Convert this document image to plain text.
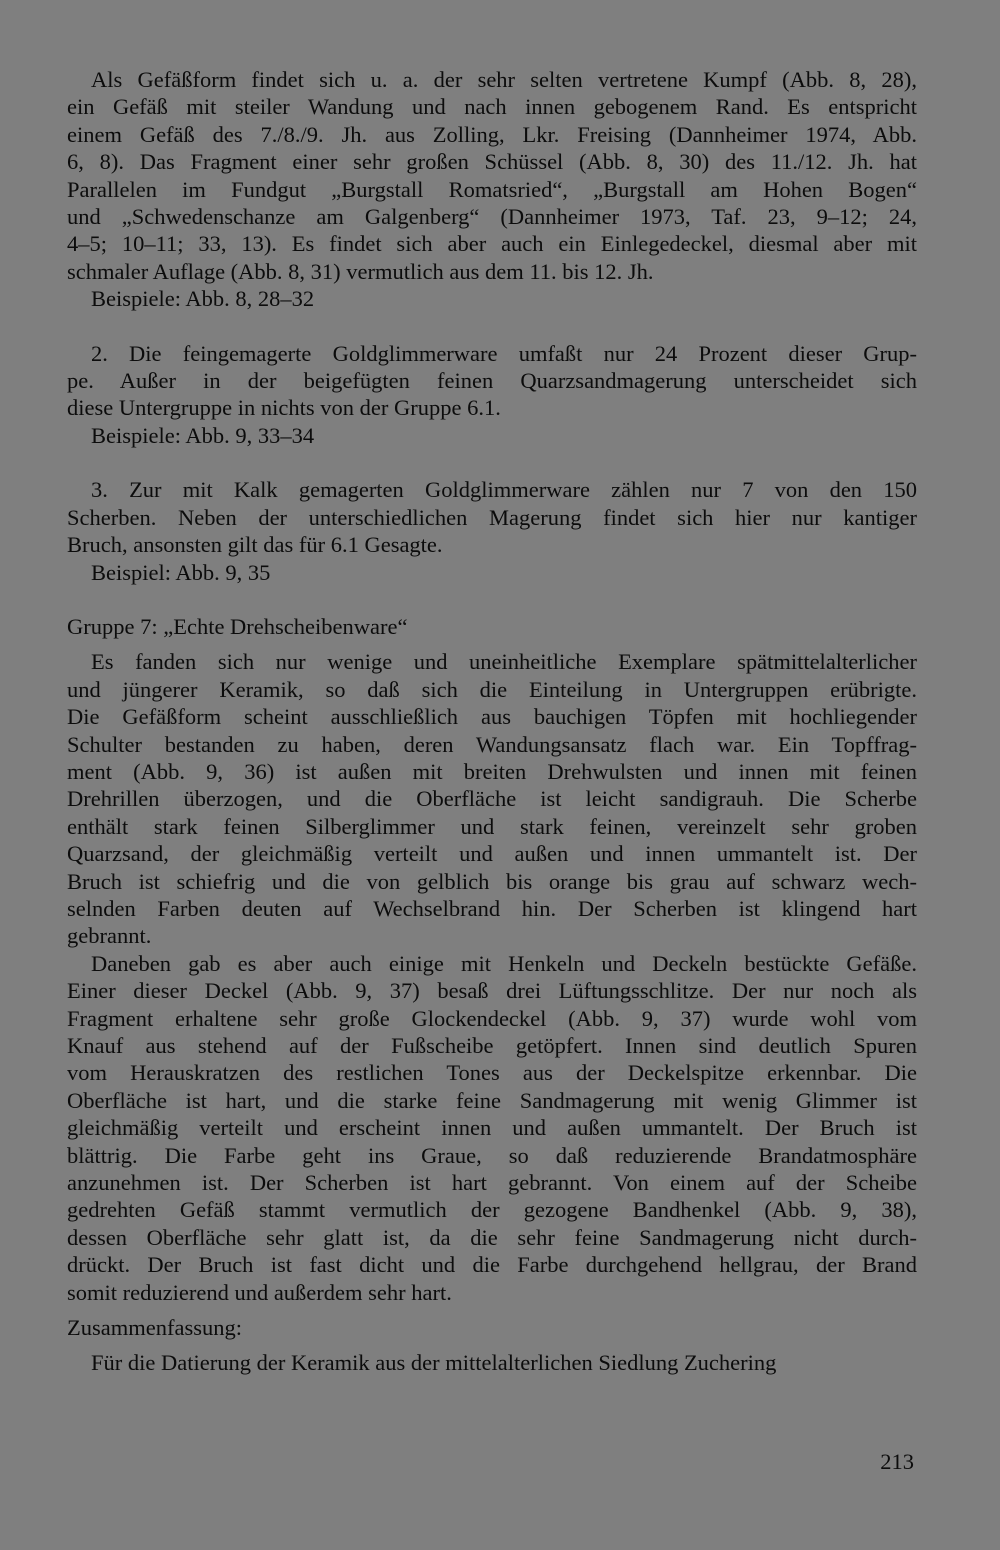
Als Gefäßform findet sich u. a. der sehr selten vertretene Kumpf (Abb. 8, 28),
ein Gefäß mit steiler Wandung und nach innen gebogenem Rand. Es entspricht
einem Gefäß des 7./8./9. Jh. aus Zolling, Lkr. Freising (Dannheimer 1974, Abb.
6, 8). Das Fragment einer sehr großen Schüssel (Abb. 8, 30) des 11./12. Jh. hat
Parallelen im Fundgut „Burgstall Romatsried“, „Burgstall am Hohen Bogen“
und „Schwedenschanze am Galgenberg“ (Dannheimer 1973, Taf. 23, 9–12; 24,
4–5; 10–11; 33, 13). Es findet sich aber auch ein Einlegedeckel, diesmal aber mit
schmaler Auflage (Abb. 8, 31) vermutlich aus dem 11. bis 12. Jh.

Beispiele: Abb. 8, 28–32

2. Die feingemagerte Goldglimmerware umfaßt nur 24 Prozent dieser Grup-
pe. Außer in der beigefügten feinen Quarzsandmagerung unterscheidet sich
diese Untergruppe in nichts von der Gruppe 6.1.

Beispiele: Abb. 9, 33–34

3. Zur mit Kalk gemagerten Goldglimmerware zählen nur 7 von den 150
Scherben. Neben der unterschiedlichen Magerung findet sich hier nur kantiger
Bruch, ansonsten gilt das für 6.1 Gesagte.

Beispiel: Abb. 9, 35

Gruppe 7: „Echte Drehscheibenware“

Es fanden sich nur wenige und uneinheitliche Exemplare spätmittelalterlicher
und jüngerer Keramik, so daß sich die Einteilung in Untergruppen erübrigte.
Die Gefäßform scheint ausschließlich aus bauchigen Töpfen mit hochliegender
Schulter bestanden zu haben, deren Wandungsansatz flach war. Ein Topffrag-
ment (Abb. 9, 36) ist außen mit breiten Drehwulsten und innen mit feinen
Drehrillen überzogen, und die Oberfläche ist leicht sandigrauh. Die Scherbe
enthält stark feinen Silberglimmer und stark feinen, vereinzelt sehr groben
Quarzsand, der gleichmäßig verteilt und außen und innen ummantelt ist. Der
Bruch ist schiefrig und die von gelblich bis orange bis grau auf schwarz wech-
selnden Farben deuten auf Wechselbrand hin. Der Scherben ist klingend hart
gebrannt.

Daneben gab es aber auch einige mit Henkeln und Deckeln bestückte Gefäße.
Einer dieser Deckel (Abb. 9, 37) besaß drei Lüftungsschlitze. Der nur noch als
Fragment erhaltene sehr große Glockendeckel (Abb. 9, 37) wurde wohl vom
Knauf aus stehend auf der Fußscheibe getöpfert. Innen sind deutlich Spuren
vom Herauskratzen des restlichen Tones aus der Deckelspitze erkennbar. Die
Oberfläche ist hart, und die starke feine Sandmagerung mit wenig Glimmer ist
gleichmäßig verteilt und erscheint innen und außen ummantelt. Der Bruch ist
blättrig. Die Farbe geht ins Graue, so daß reduzierende Brandatmosphäre
anzunehmen ist. Der Scherben ist hart gebrannt. Von einem auf der Scheibe
gedrehten Gefäß stammt vermutlich der gezogene Bandhenkel (Abb. 9, 38),
dessen Oberfläche sehr glatt ist, da die sehr feine Sandmagerung nicht durch-
drückt. Der Bruch ist fast dicht und die Farbe durchgehend hellgrau, der Brand
somit reduzierend und außerdem sehr hart.

Zusammenfassung:

Für die Datierung der Keramik aus der mittelalterlichen Siedlung Zuchering

213
